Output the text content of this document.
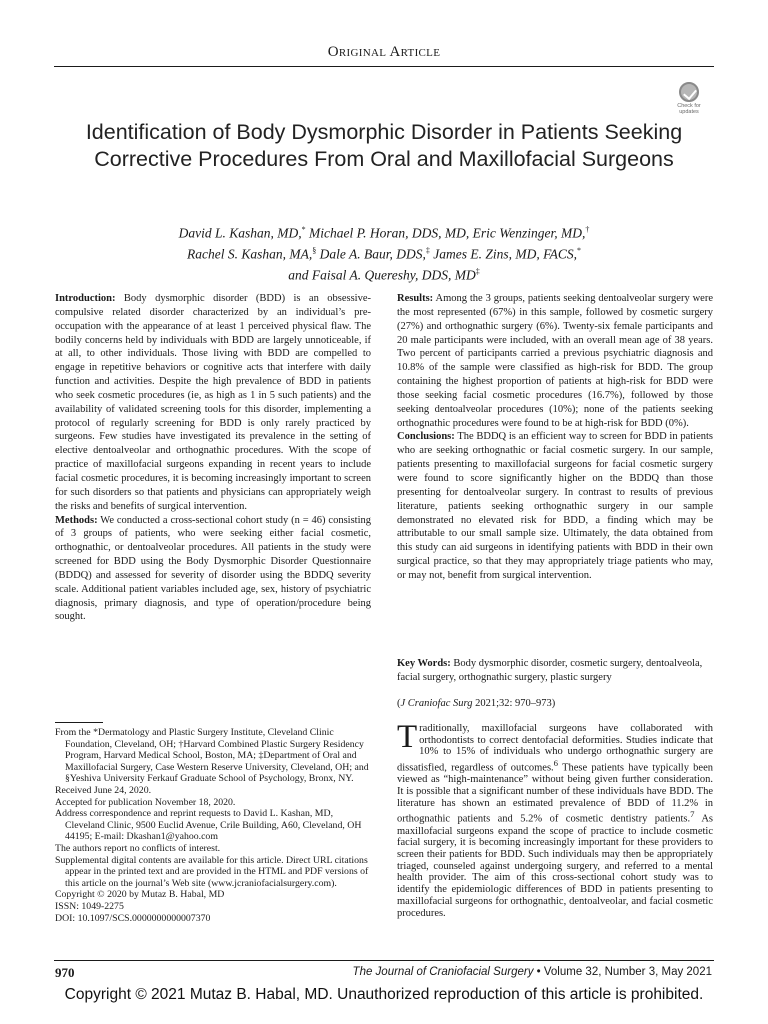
Original Article
Check for updates
Identification of Body Dysmorphic Disorder in Patients Seeking Corrective Procedures From Oral and Maxillofacial Surgeons
David L. Kashan, MD,* Michael P. Horan, DDS, MD, Eric Wenzinger, MD,†
Rachel S. Kashan, MA,§ Dale A. Baur, DDS,‡ James E. Zins, MD, FACS,*
and Faisal A. Quereshy, DDS, MD‡

Introduction: Body dysmorphic disorder (BDD) is an obsessive-compulsive related disorder characterized by an individual’s pre-occupation with the appearance of at least 1 perceived physical flaw. The bodily concerns held by individuals with BDD are largely unnoticeable, if at all, to other individuals. Those living with BDD are compelled to engage in repetitive behaviors or cognitive acts that interfere with daily function and activities. Despite the high prevalence of BDD in patients who seek cosmetic procedures (ie, as high as 1 in 5 such patients) and the availability of validated screening tools for this disorder, implementing a protocol of regularly screening for BDD is only rarely practiced by surgeons. Few studies have investigated its prevalence in the setting of elective dentoalveolar and orthognathic procedures. With the scope of practice of maxillofacial surgeons expanding in recent years to include facial cosmetic procedures, it is becoming increasingly important to screen for such disorders so that patients and physicians can appropriately weigh the risks and benefits of surgical intervention.

Methods: We conducted a cross-sectional cohort study (n = 46) consisting of 3 groups of patients, who were seeking either facial cosmetic, orthognathic, or dentoalveolar procedures. All patients in the study were screened for BDD using the Body Dysmorphic Disorder Questionnaire (BDDQ) and assessed for severity of disorder using the BDDQ severity scale. Additional patient variables included age, sex, history of psychiatric diagnosis, primary diagnosis, and type of operation/procedure being sought.

Results: Among the 3 groups, patients seeking dentoalveolar surgery were the most represented (67%) in this sample, followed by cosmetic surgery (27%) and orthognathic surgery (6%). Twenty-six female participants and 20 male participants were included, with an overall mean age of 38 years. Two percent of participants carried a previous psychiatric diagnosis and 10.8% of the sample were classified as high-risk for BDD. The group containing the highest proportion of patients at high-risk for BDD were those seeking facial cosmetic procedures (16.7%), followed by those seeking dentoalveolar procedures (10%); none of the patients seeking orthognathic procedures were found to be at high-risk for BDD (0%).

Conclusions: The BDDQ is an efficient way to screen for BDD in patients who are seeking orthognathic or facial cosmetic surgery. In our sample, patients presenting to maxillofacial surgeons for facial cosmetic surgery were found to score significantly higher on the BDDQ than those presenting for dentoalveolar surgery. In contrast to results of previous literature, patients seeking orthognathic surgery in our sample demonstrated no elevated risk for BDD, a finding which may be attributable to our small sample size. Ultimately, the data obtained from this study can aid surgeons in identifying patients with BDD in their own surgical practice, so that they may appropriately triage patients who may, or may not, benefit from surgical intervention.

Key Words: Body dysmorphic disorder, cosmetic surgery, dentoalveola, facial surgery, orthognathic surgery, plastic surgery
(J Craniofac Surg 2021;32: 970–973)
From the *Dermatology and Plastic Surgery Institute, Cleveland Clinic Foundation, Cleveland, OH; †Harvard Combined Plastic Surgery Residency Program, Harvard Medical School, Boston, MA; ‡Department of Oral and Maxillofacial Surgery, Case Western Reserve University, Cleveland, OH; and §Yeshiva University Ferkauf Graduate School of Psychology, Bronx, NY.
Received June 24, 2020.
Accepted for publication November 18, 2020.
Address correspondence and reprint requests to David L. Kashan, MD, Cleveland Clinic, 9500 Euclid Avenue, Crile Building, A60, Cleveland, OH 44195; E-mail: Dkashan1@yahoo.com
The authors report no conflicts of interest.
Supplemental digital contents are available for this article. Direct URL citations appear in the printed text and are provided in the HTML and PDF versions of this article on the journal’s Web site (www.jcraniofacialsurgery.com).
Copyright © 2020 by Mutaz B. Habal, MD
ISSN: 1049-2275
DOI: 10.1097/SCS.0000000000007370
Traditionally, maxillofacial surgeons have collaborated with orthodontists to correct dentofacial deformities. Studies indicate that 10% to 15% of individuals who undergo orthognathic surgery are dissatisfied, regardless of outcomes.$^6$ These patients have typically been viewed as “high-maintenance” without being given further consideration. It is possible that a significant number of these individuals have BDD. The literature has shown an estimated prevalence of BDD of 11.2% in orthognathic patients and 5.2% of cosmetic dentistry patients.$^7$ As maxillofacial surgeons expand the scope of practice to include cosmetic facial surgery, it is becoming increasingly important for these providers to screen their patients for BDD. Such individuals may then be appropriately triaged, counseled against undergoing surgery, and referred to a mental health provider. The aim of this cross-sectional cohort study was to identify the epidemiologic differences of BDD in patients presenting to maxillofacial surgeons for orthognathic, dentoalveolar, and facial cosmetic procedures.
970	The Journal of Craniofacial Surgery • Volume 32, Number 3, May 2021
Copyright © 2021 Mutaz B. Habal, MD. Unauthorized reproduction of this article is prohibited.
